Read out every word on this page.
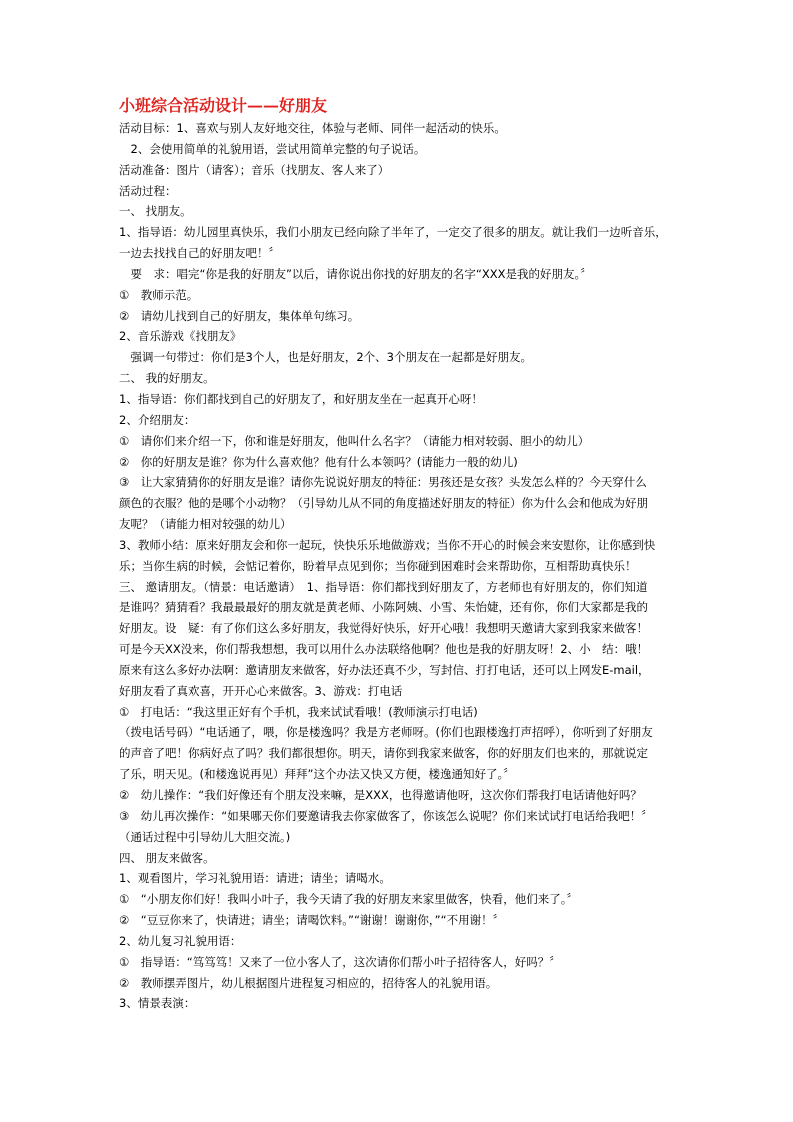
小班综合活动设计——好朋友
活动目标：1、喜欢与别人友好地交往，体验与老师、同伴一起活动的快乐。
　2、会使用简单的礼貌用语，尝试用简单完整的句子说话。
活动准备：图片（请客）；音乐（找朋友、客人来了）
活动过程：
一、 找朋友。
1、指导语：幼儿园里真快乐，我们小朋友已经向除了半年了，一定交了很多的朋友。就让我们一边听音乐，
一边去找找自己的好朋友吧！〞
　要　求：唱完“你是我的好朋友”以后，请你说出你找的好朋友的名字“XXX是我的好朋友。〞
①　教师示范。
②　请幼儿找到自己的好朋友，集体单句练习。
2、音乐游戏《找朋友》
　强调一句带过：你们是3个人，也是好朋友，2个、3个朋友在一起都是好朋友。
二、 我的好朋友。
1、指导语：你们都找到自己的好朋友了，和好朋友坐在一起真开心呀！
2、介绍朋友：
①　请你们来介绍一下，你和谁是好朋友，他叫什么名字？（请能力相对较弱、胆小的幼儿）
②　你的好朋友是谁？你为什么喜欢他？他有什么本领吗？(请能力一般的幼儿)
③　让大家猜猜你的好朋友是谁？请你先说说好朋友的特征：男孩还是女孩？头发怎么样的？今天穿什么
颜色的衣服？他的是哪个小动物？（引导幼儿从不同的角度描述好朋友的特征）你为什么会和他成为好朋
友呢？（请能力相对较强的幼儿）
3、教师小结：原来好朋友会和你一起玩，快快乐乐地做游戏；当你不开心的时候会来安慰你，让你感到快
乐；当你生病的时候，会惦记着你，盼着早点见到你；当你碰到困难时会来帮助你，互相帮助真快乐！
三、 邀请朋友。（情景：电话邀请）　1、指导语：你们都找到好朋友了，方老师也有好朋友的，你们知道
是谁吗？猜猜看？我最最最好的朋友就是黄老师、小陈阿姨、小雪、朱怡婕，还有你，你们大家都是我的
好朋友。设　疑：有了你们这么多好朋友，我觉得好快乐，好开心哦！我想明天邀请大家到我家来做客！
可是今天XX没来，你们帮我想想，我可以用什么办法联络他啊？他也是我的好朋友呀！2、小　结：哦！
原来有这么多好办法啊：邀请朋友来做客，好办法还真不少，写封信、打打电话，还可以上网发E-mail，
好朋友看了真欢喜，开开心心来做客。3、游戏：打电话
①　打电话：“我这里正好有个手机，我来试试看哦！(教师演示打电话)
（拨电话号码）“电话通了，喂，你是楼逸吗？我是方老师呀。(你们也跟楼逸打声招呼），你听到了好朋友
的声音了吧！你病好点了吗？我们都很想你。明天，请你到我家来做客，你的好朋友们也来的，那就说定
了乐，明天见。(和楼逸说再见）拜拜”这个办法又快又方便，楼逸通知好了。〞
②　幼儿操作：“我们好像还有个朋友没来嘛，是XXX，也得邀请他呀，这次你们帮我打电话请他好吗？
③　幼儿再次操作：“如果哪天你们要邀请我去你家做客了，你该怎么说呢？你们来试试打电话给我吧！〞
（通话过程中引导幼儿大胆交流。)
四、 朋友来做客。
1、观看图片，学习礼貌用语：请进；请坐；请喝水。
①　“小朋友你们好！我叫小叶子，我今天请了我的好朋友来家里做客，快看，他们来了。〞
②　“豆豆你来了，快请进；请坐；请喝饮料。”“谢谢！谢谢你，”“不用谢！〞
2、幼儿复习礼貌用语：
①　指导语：“笃笃笃！又来了一位小客人了，这次请你们帮小叶子招待客人，好吗？〞
②　教师摆弄图片，幼儿根据图片进程复习相应的，招待客人的礼貌用语。
3、情景表演：
